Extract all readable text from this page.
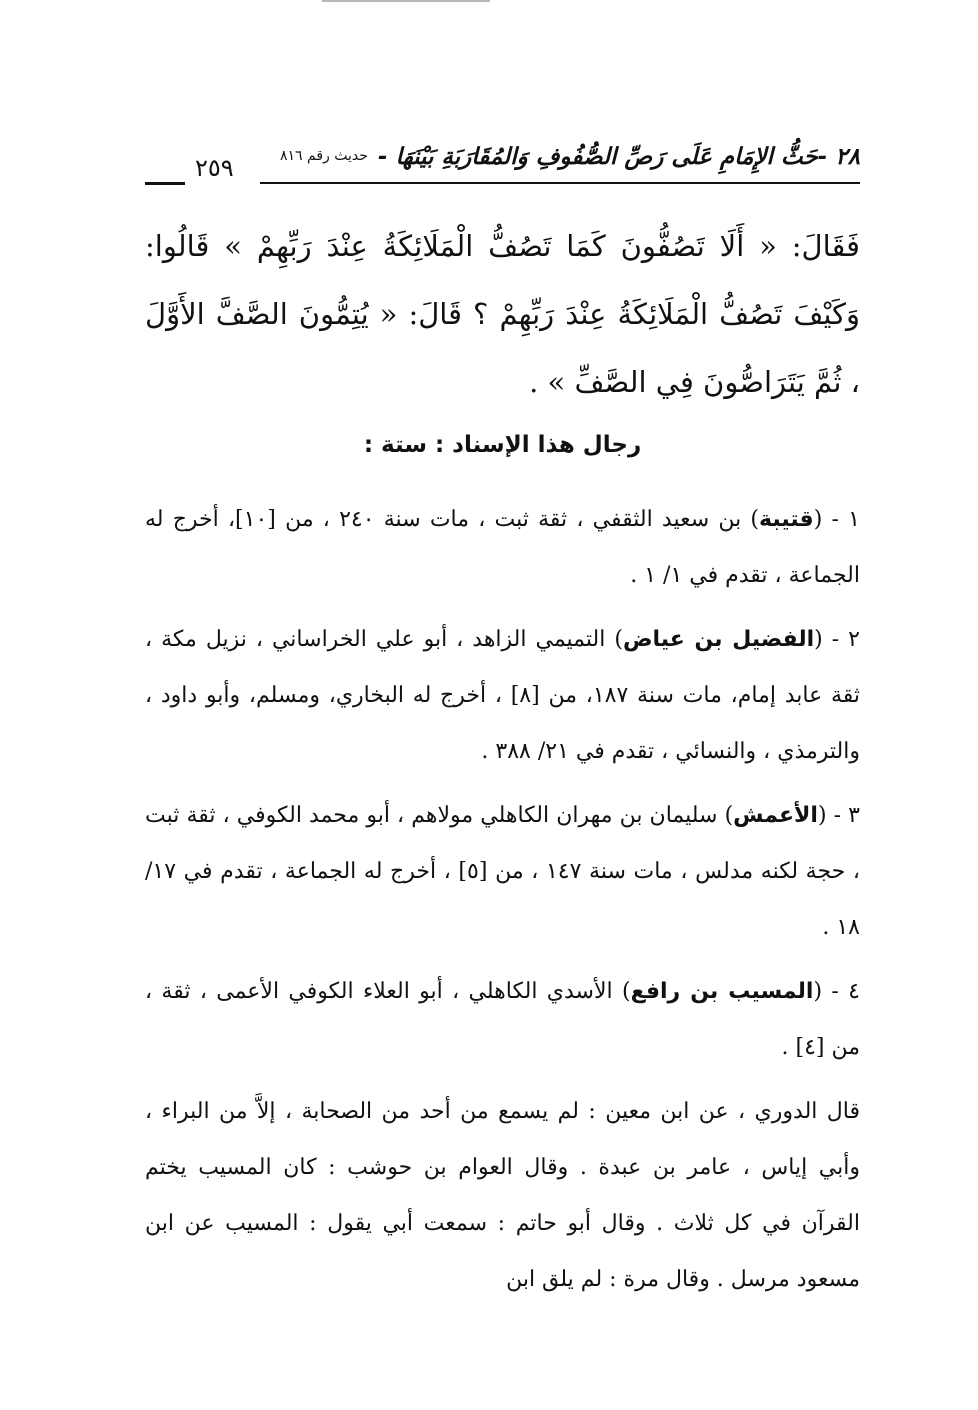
٢٨ -حَثُّ الإِمَامِ عَلَى رَصِّ الصُّفُوفِ وَالمُقَارَبَةِ بَيْنَهَا -
حديث رقم ٨١٦
٢٥٩

فَقَالَ: « أَلَا تَصُفُّونَ كَمَا تَصُفُّ الْمَلَائِكَةُ عِنْدَ رَبِّهِمْ » قَالُوا: وَكَيْفَ تَصُفُّ الْمَلَائِكَةُ عِنْدَ رَبِّهِمْ ؟ قَالَ: « يُتِمُّونَ الصَّفَّ الأَوَّلَ ، ثُمَّ يَتَرَاصُّونَ فِي الصَّفِّ » .

رجال هذا الإسناد : ستة :

١ - (قتيبة) بن سعيد الثقفي ، ثقة ثبت ، مات سنة ٢٤٠ ، من [١٠]، أخرج له الجماعة ، تقدم في ١/ ١ .

٢ - (الفضيل بن عياض) التميمي الزاهد ، أبو علي الخراساني ، نزيل مكة ، ثقة عابد إمام، مات سنة ١٨٧، من [٨] ، أخرج له البخاري، ومسلم، وأبو داود ، والترمذي ، والنسائي ، تقدم في ٢١/ ٣٨٨ .

٣ - (الأعمش) سليمان بن مهران الكاهلي مولاهم ، أبو محمد الكوفي ، ثقة ثبت ، حجة لكنه مدلس ، مات سنة ١٤٧ ، من [٥] ، أخرج له الجماعة ، تقدم في ١٧/ ١٨ .

٤ - (المسيب بن رافع) الأسدي الكاهلي ، أبو العلاء الكوفي الأعمى ، ثقة ، من [٤] .

قال الدوري ، عن ابن معين : لم يسمع من أحد من الصحابة ، إلاَّ من البراء ، وأبي إياس ، عامر بن عبدة . وقال العوام بن حوشب : كان المسيب يختم القرآن في كل ثلاث . وقال أبو حاتم : سمعت أبي يقول : المسيب عن ابن مسعود مرسل . وقال مرة : لم يلق ابن
